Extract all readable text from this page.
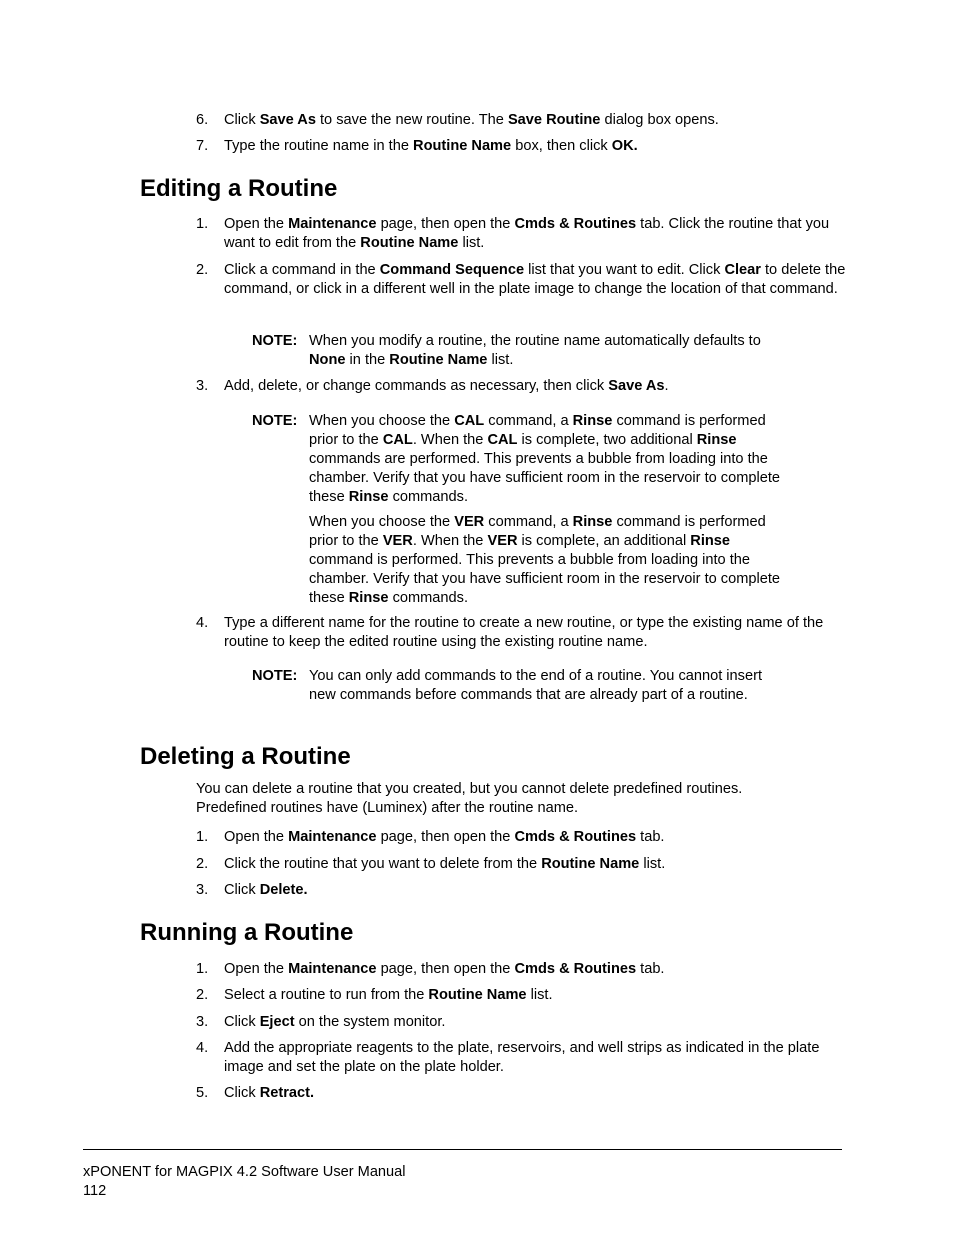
6.	Click Save As to save the new routine. The Save Routine dialog box opens.
7.	Type the routine name in the Routine Name box, then click OK.
Editing a Routine
1.	Open the Maintenance page, then open the Cmds & Routines tab. Click the routine that you want to edit from the Routine Name list.
2.	Click a command in the Command Sequence list that you want to edit. Click Clear to delete the command, or click in a different well in the plate image to change the location of that command.
NOTE: When you modify a routine, the routine name automatically defaults to None in the Routine Name list.
3.	Add, delete, or change commands as necessary, then click Save As.
NOTE: When you choose the CAL command, a Rinse command is performed prior to the CAL. When the CAL is complete, two additional Rinse commands are performed. This prevents a bubble from loading into the chamber. Verify that you have sufficient room in the reservoir to complete these Rinse commands.
When you choose the VER command, a Rinse command is performed prior to the VER. When the VER is complete, an additional Rinse command is performed. This prevents a bubble from loading into the chamber. Verify that you have sufficient room in the reservoir to complete these Rinse commands.
4.	Type a different name for the routine to create a new routine, or type the existing name of the routine to keep the edited routine using the existing routine name.
NOTE: You can only add commands to the end of a routine. You cannot insert new commands before commands that are already part of a routine.
Deleting a Routine
You can delete a routine that you created, but you cannot delete predefined routines. Predefined routines have (Luminex) after the routine name.
1.	Open the Maintenance page, then open the Cmds & Routines tab.
2.	Click the routine that you want to delete from the Routine Name list.
3.	Click Delete.
Running a Routine
1.	Open the Maintenance page, then open the Cmds & Routines tab.
2.	Select a routine to run from the Routine Name list.
3.	Click Eject on the system monitor.
4.	Add the appropriate reagents to the plate, reservoirs, and well strips as indicated in the plate image and set the plate on the plate holder.
5.	Click Retract.
xPONENT for MAGPIX 4.2 Software User Manual
112
